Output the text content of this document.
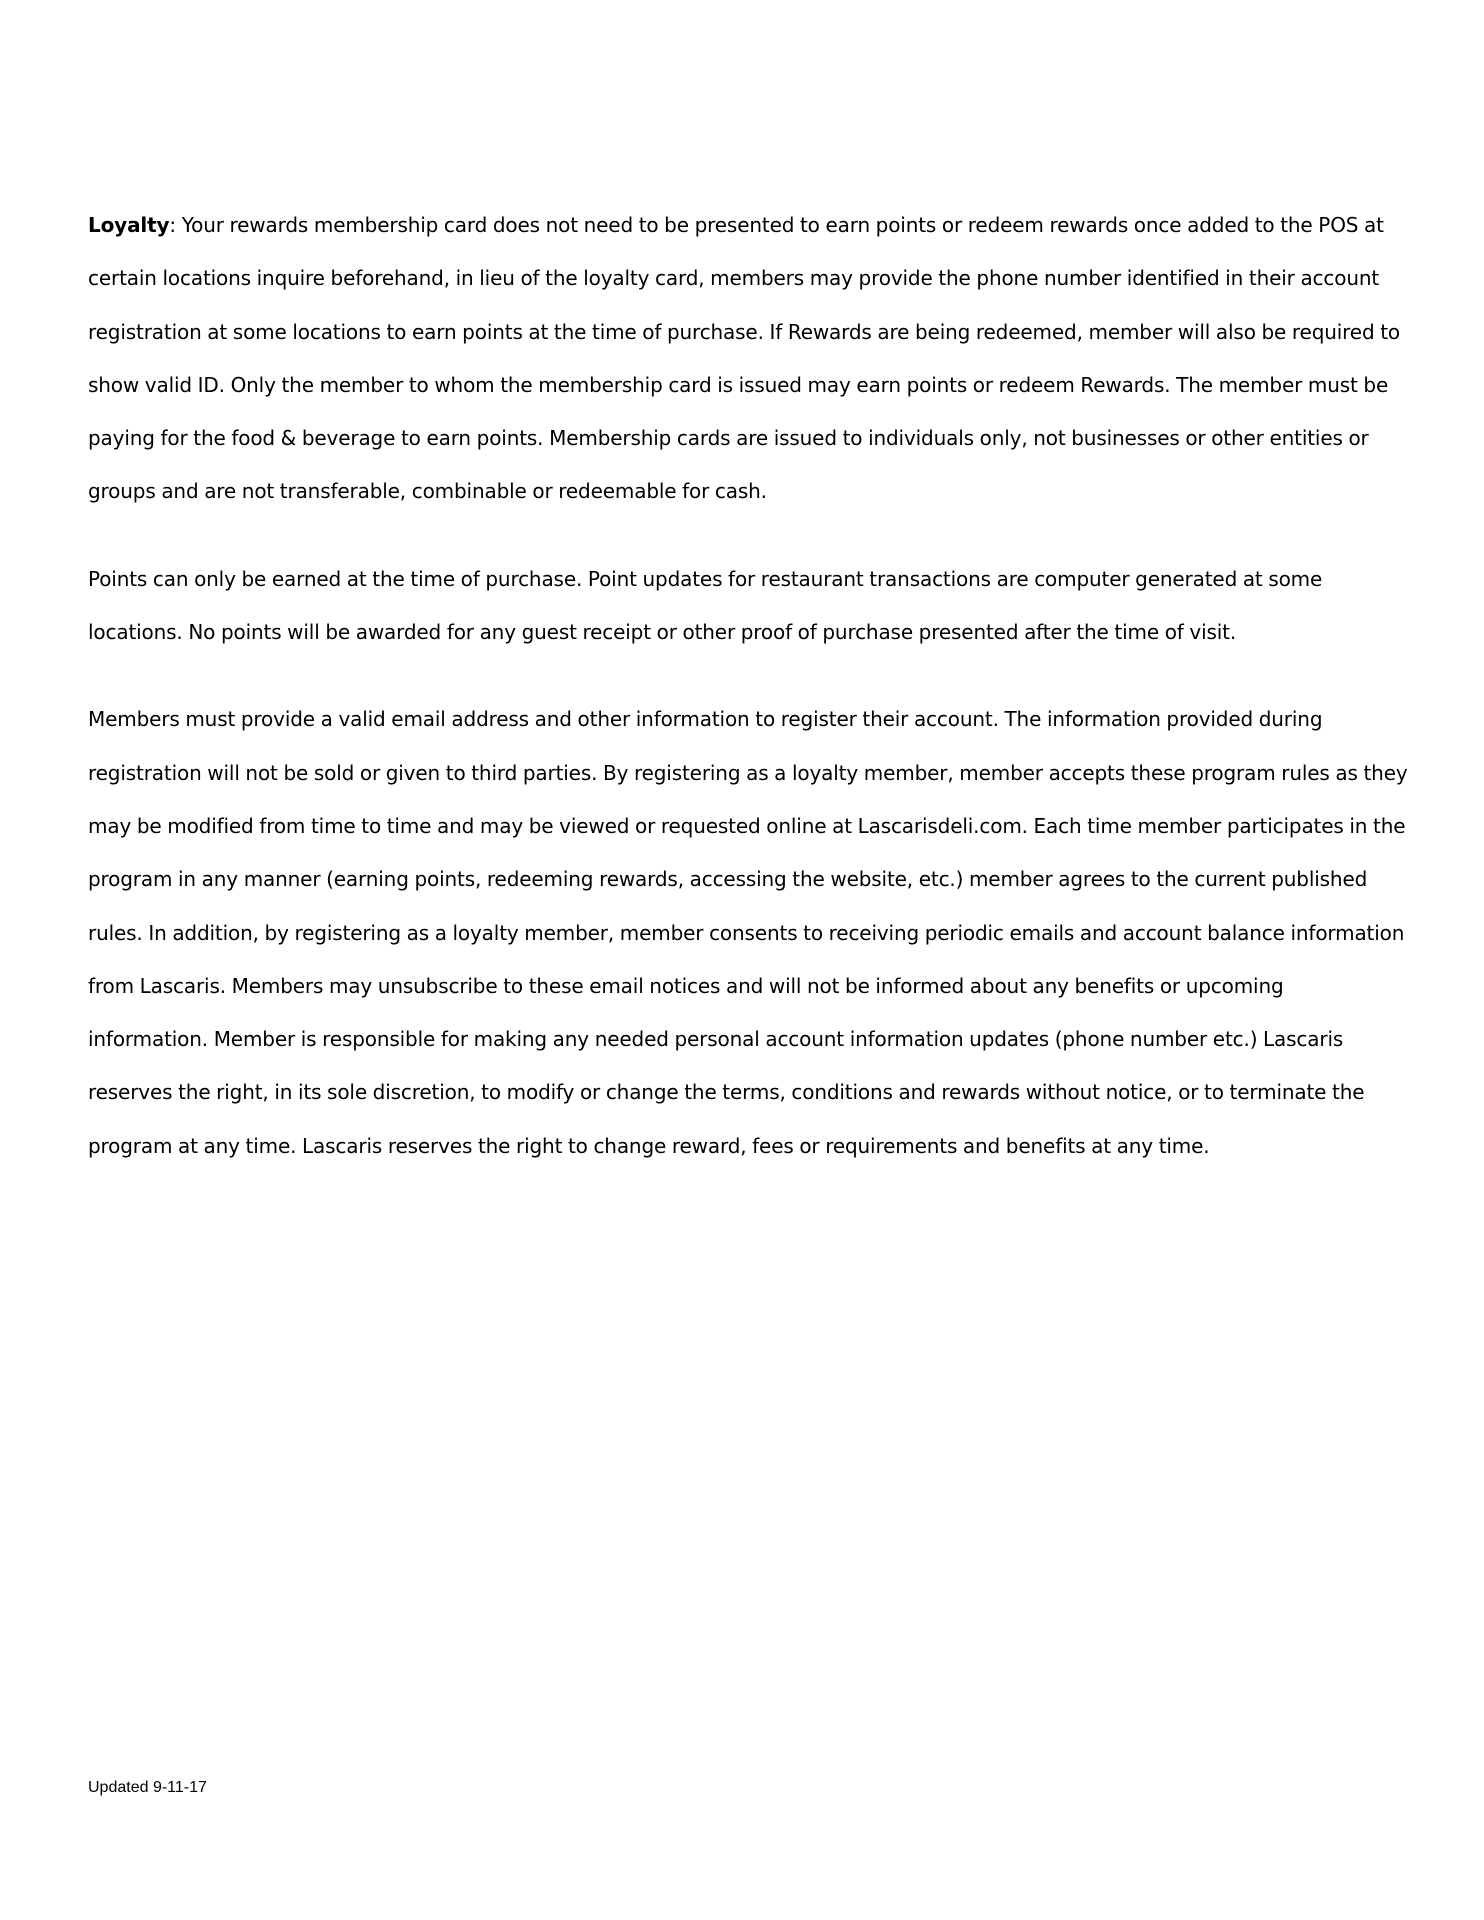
Loyalty: Your rewards membership card does not need to be presented to earn points or redeem rewards once added to the POS at certain locations inquire beforehand, in lieu of the loyalty card, members may provide the phone number identified in their account registration at some locations to earn points at the time of purchase. If Rewards are being redeemed, member will also be required to show valid ID. Only the member to whom the membership card is issued may earn points or redeem Rewards. The member must be paying for the food & beverage to earn points. Membership cards are issued to individuals only, not businesses or other entities or groups and are not transferable, combinable or redeemable for cash.

Points can only be earned at the time of purchase. Point updates for restaurant transactions are computer generated at some locations. No points will be awarded for any guest receipt or other proof of purchase presented after the time of visit.

Members must provide a valid email address and other information to register their account. The information provided during registration will not be sold or given to third parties. By registering as a loyalty member, member accepts these program rules as they may be modified from time to time and may be viewed or requested online at Lascarisdeli.com. Each time member participates in the program in any manner (earning points, redeeming rewards, accessing the website, etc.) member agrees to the current published rules. In addition, by registering as a loyalty member, member consents to receiving periodic emails and account balance information from Lascaris. Members may unsubscribe to these email notices and will not be informed about any benefits or upcoming information. Member is responsible for making any needed personal account information updates (phone number etc.) Lascaris reserves the right, in its sole discretion, to modify or change the terms, conditions and rewards without notice, or to terminate the program at any time. Lascaris reserves the right to change reward, fees or requirements and benefits at any time.

Updated 9-11-17
